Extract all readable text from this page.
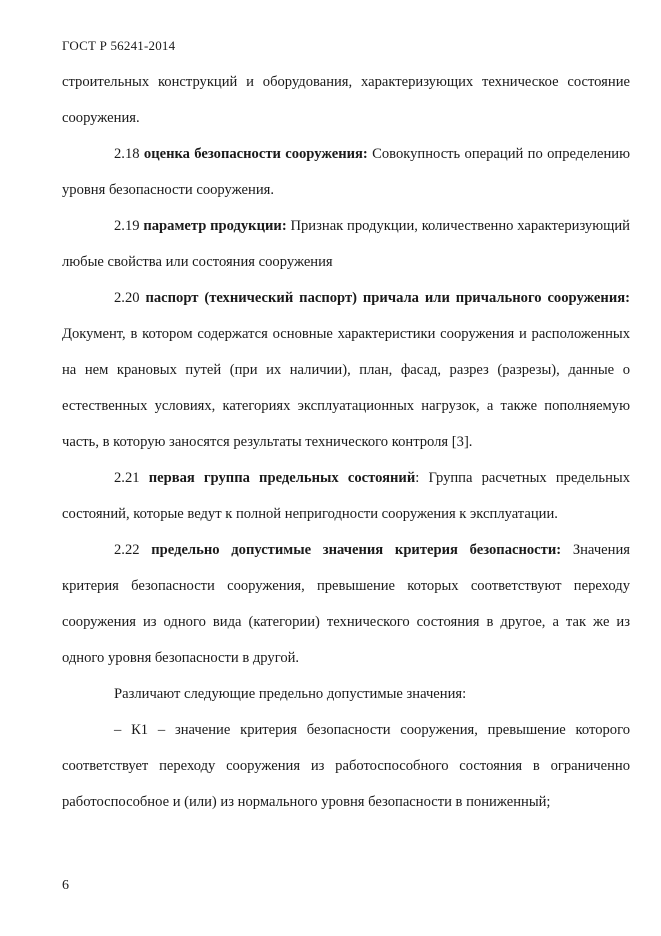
ГОСТ Р 56241-2014

строительных конструкций и оборудования, характеризующих техническое состояние сооружения.

2.18 оценка безопасности сооружения: Совокупность операций по определению уровня безопасности сооружения.

2.19 параметр продукции: Признак продукции, количественно характеризующий любые свойства или состояния сооружения

2.20 паспорт (технический паспорт) причала или причального сооружения: Документ, в котором содержатся основные характеристики сооружения и расположенных на нем крановых путей (при их наличии), план, фасад, разрез (разрезы), данные о естественных условиях, категориях эксплуатационных нагрузок, а также пополняемую часть, в которую заносятся результаты технического контроля [3].

2.21 первая группа предельных состояний: Группа расчетных предельных состояний, которые ведут к полной непригодности сооружения к эксплуатации.

2.22 предельно допустимые значения критерия безопасности: Значения критерия безопасности сооружения, превышение которых соответствуют переходу сооружения из одного вида (категории) технического состояния в другое, а так же из одного уровня безопасности в другой.

Различают следующие предельно допустимые значения:

– К1 – значение критерия безопасности сооружения, превышение которого соответствует переходу сооружения из работоспособного состояния в ограниченно работоспособное и (или) из нормального уровня безопасности в пониженный;

6
